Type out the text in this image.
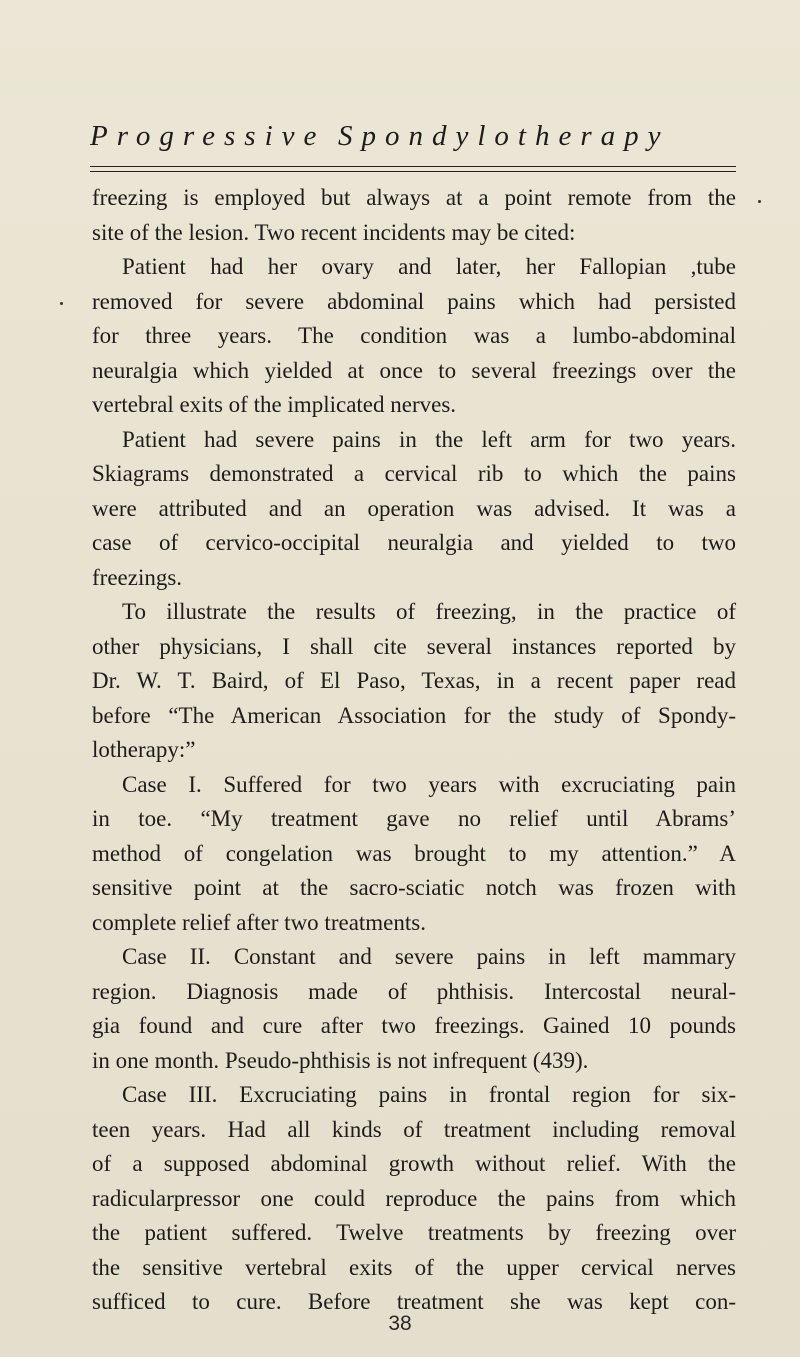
Progressive Spondylotherapy
freezing is employed but always at a point remote from the
site of the lesion. Two recent incidents may be cited:
Patient had her ovary and later, her Fallopian ,tube
removed for severe abdominal pains which had persisted
for three years. The condition was a lumbo-abdominal
neuralgia which yielded at once to several freezings over the
vertebral exits of the implicated nerves.
Patient had severe pains in the left arm for two years.
Skiagrams demonstrated a cervical rib to which the pains
were attributed and an operation was advised. It was a
case of cervico-occipital neuralgia and yielded to two
freezings.
To illustrate the results of freezing, in the practice of
other physicians, I shall cite several instances reported by
Dr. W. T. Baird, of El Paso, Texas, in a recent paper read
before “The American Association for the study of Spondy-
lotherapy:”
Case I. Suffered for two years with excruciating pain
in toe. “My treatment gave no relief until Abrams’
method of congelation was brought to my attention.” A
sensitive point at the sacro-sciatic notch was frozen with
complete relief after two treatments.
Case II. Constant and severe pains in left mammary
region. Diagnosis made of phthisis. Intercostal neural-
gia found and cure after two freezings. Gained 10 pounds
in one month. Pseudo-phthisis is not infrequent (439).
Case III. Excruciating pains in frontal region for six-
teen years. Had all kinds of treatment including removal
of a supposed abdominal growth without relief. With the
radicularpressor one could reproduce the pains from which
the patient suffered. Twelve treatments by freezing over
the sensitive vertebral exits of the upper cervical nerves
sufficed to cure. Before treatment she was kept con-
38
